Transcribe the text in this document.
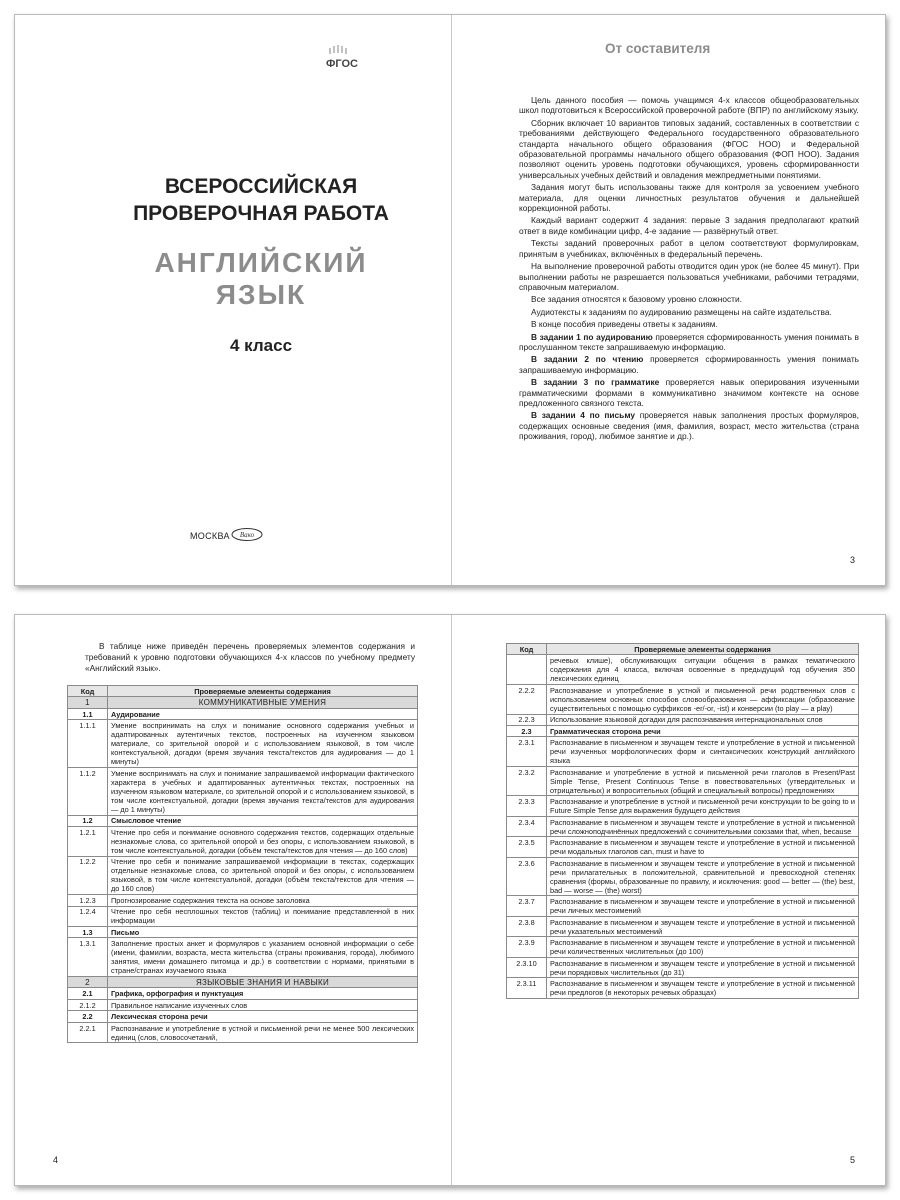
ФГОС
ВСЕРОССИЙСКАЯ
ПРОВЕРОЧНАЯ РАБОТА
АНГЛИЙСКИЙ
ЯЗЫК
4 класс
МОСКВА Вако
От составителя

Цель данного пособия — помочь учащимся 4-х классов общеобразовательных школ подготовиться к Всероссийской проверочной работе (ВПР) по английскому языку.

Сборник включает 10 вариантов типовых заданий, составленных в соответствии с требованиями действующего Федерального государственного образовательного стандарта начального общего образования (ФГОС НОО) и Федеральной образовательной программы начального общего образования (ФОП НОО). Задания позволяют оценить уровень подготовки обучающихся, уровень сформированности универсальных учебных действий и овладения межпредметными понятиями.

Задания могут быть использованы также для контроля за усвоением учебного материала, для оценки личностных результатов обучения и дальнейшей коррекционной работы.

Каждый вариант содержит 4 задания: первые 3 задания предполагают краткий ответ в виде комбинации цифр, 4-е задание — развёрнутый ответ.

Тексты заданий проверочных работ в целом соответствуют формулировкам, принятым в учебниках, включённых в федеральный перечень.

На выполнение проверочной работы отводится один урок (не более 45 минут). При выполнении работы не разрешается пользоваться учебниками, рабочими тетрадями, справочным материалом.

Все задания относятся к базовому уровню сложности.

Аудиотексты к заданиям по аудированию размещены на сайте издательства.

В конце пособия приведены ответы к заданиям.

В задании 1 по аудированию проверяется сформированность умения понимать в прослушанном тексте запрашиваемую информацию.

В задании 2 по чтению проверяется сформированность умения понимать запрашиваемую информацию.

В задании 3 по грамматике проверяется навык оперирования изученными грамматическими формами в коммуникативно значимом контексте на основе предложенного связного текста.

В задании 4 по письму проверяется навык заполнения простых формуляров, содержащих основные сведения (имя, фамилия, возраст, место жительства (страна проживания, город), любимое занятие и др.).

3
В таблице ниже приведён перечень проверяемых элементов содержания и требований к уровню подготовки обучающихся 4-х классов по учебному предмету «Английский язык».
Код	Проверяемые элементы содержания
1	КОММУНИКАТИВНЫЕ УМЕНИЯ
1.1	Аудирование
1.1.1	Умение воспринимать на слух и понимание основного содержания учебных и адаптированных аутентичных текстов, построенных на изученном языковом материале, со зрительной опорой и с использованием языковой, в том числе контекстуальной, догадки (время звучания текста/текстов для аудирования — до 1 минуты)
1.1.2	Умение воспринимать на слух и понимание запрашиваемой информации фактического характера в учебных и адаптированных аутентичных текстах, построенных на изученном языковом материале, со зрительной опорой и с использованием языковой, в том числе контекстуальной, догадки (время звучания текста/текстов для аудирования — до 1 минуты)
1.2	Смысловое чтение
1.2.1	Чтение про себя и понимание основного содержания текстов, содержащих отдельные незнакомые слова, со зрительной опорой и без опоры, с использованием языковой, в том числе контекстуальной, догадки (объём текста/текстов для чтения — до 160 слов)
1.2.2	Чтение про себя и понимание запрашиваемой информации в текстах, содержащих отдельные незнакомые слова, со зрительной опорой и без опоры, с использованием языковой, в том числе контекстуальной, догадки (объём текста/текстов для чтения — до 160 слов)
1.2.3	Прогнозирование содержания текста на основе заголовка
1.2.4	Чтение про себя несплошных текстов (таблиц) и понимание представленной в них информации
1.3	Письмо
1.3.1	Заполнение простых анкет и формуляров с указанием основной информации о себе (имени, фамилии, возраста, места жительства (страны проживания, города), любимого занятия, имени домашнего питомца и др.) в соответствии с нормами, принятыми в стране/странах изучаемого языка
2	ЯЗЫКОВЫЕ ЗНАНИЯ И НАВЫКИ
2.1	Графика, орфография и пунктуация
2.1.2	Правильное написание изученных слов
2.2	Лексическая сторона речи
2.2.1	Распознавание и употребление в устной и письменной речи не менее 500 лексических единиц (слов, словосочетаний,
Код	Проверяемые элементы содержания
	речевых клише), обслуживающих ситуации общения в рамках тематического содержания для 4 класса, включая освоенные в предыдущий год обучения 350 лексических единиц
2.2.2	Распознавание и употребление в устной и письменной речи родственных слов с использованием основных способов словообразования — аффиксации (образование существительных с помощью суффиксов -er/-or, -ist) и конверсии (to play — a play)
2.2.3	Использование языковой догадки для распознавания интернациональных слов
2.3	Грамматическая сторона речи
2.3.1	Распознавание в письменном и звучащем тексте и употребление в устной и письменной речи изученных морфологических форм и синтаксических конструкций английского языка
2.3.2	Распознавание и употребление в устной и письменной речи глаголов в Present/Past Simple Tense, Present Continuous Tense в повествовательных (утвердительных и отрицательных) и вопросительных (общий и специальный вопросы) предложениях
2.3.3	Распознавание и употребление в устной и письменной речи конструкции to be going to и Future Simple Tense для выражения будущего действия
2.3.4	Распознавание в письменном и звучащем тексте и употребление в устной и письменной речи сложноподчинённых предложений с сочинительными союзами that, when, because
2.3.5	Распознавание в письменном и звучащем тексте и употребление в устной и письменной речи модальных глаголов can, must и have to
2.3.6	Распознавание в письменном и звучащем тексте и употребление в устной и письменной речи прилагательных в положительной, сравнительной и превосходной степенях сравнения (формы, образованные по правилу, и исключения: good — better — (the) best, bad — worse — (the) worst)
2.3.7	Распознавание в письменном и звучащем тексте и употребление в устной и письменной речи личных местоимений
2.3.8	Распознавание в письменном и звучащем тексте и употребление в устной и письменной речи указательных местоимений
2.3.9	Распознавание в письменном и звучащем тексте и употребление в устной и письменной речи количественных числительных (до 100)
2.3.10	Распознавание в письменном и звучащем тексте и употребление в устной и письменной речи порядковых числительных (до 31)
2.3.11	Распознавание в письменном и звучащем тексте и употребление в устной и письменной речи предлогов (в некоторых речевых образцах)
4	5
